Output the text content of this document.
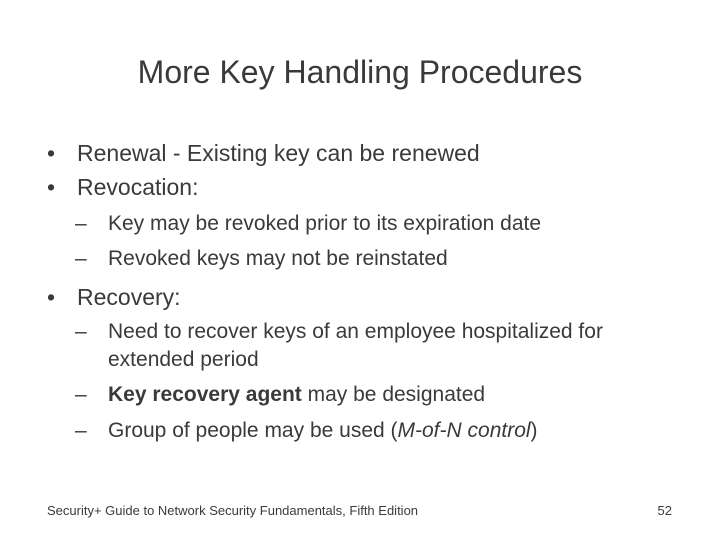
More Key Handling Procedures
• Renewal - Existing key can be renewed
• Revocation:
– Key may be revoked prior to its expiration date
– Revoked keys may not be reinstated
• Recovery:
– Need to recover keys of an employee hospitalized for
extended period
– Key recovery agent may be designated
– Group of people may be used (M-of-N control)
Security+ Guide to Network Security Fundamentals, Fifth Edition	52
